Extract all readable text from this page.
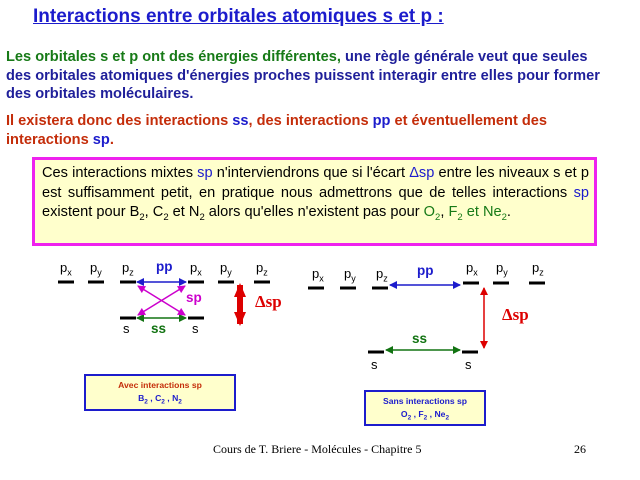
Interactions entre orbitales atomiques s et p :
Les orbitales s et p ont des énergies différentes, une règle générale veut que seules des orbitales atomiques d'énergies proches puissent interagir entre elles pour former des orbitales moléculaires.
Il existera donc des interactions ss, des interactions pp et éventuellement des interactions sp.
Ces interactions mixtes sp n'interviendrons que si l'écart Δsp entre les niveaux s et p est suffisamment petit, en pratique nous admettrons que de telles interactions sp existent pour $B_2$, $C_2$ et $N_2$ alors qu'elles n'existent pas pour $O_2$, $F_2$ et $Ne_2$.
$p_x$ $p_y$ $p_z$	$p_x$ $p_y$ $p_z$
pp
sp
s	s
ss
Δsp
Avec interactions sp
$B_2$ , $C_2$ , $N_2$
$p_x$ $p_y$ $p_z$
$p_x$ $p_y$ $p_z$
pp
ss
s	s
Δsp
Sans interactions sp
$O_2$ , $F_2$ , $Ne_2$
Cours de T. Briere - Molécules - Chapitre 5	26
